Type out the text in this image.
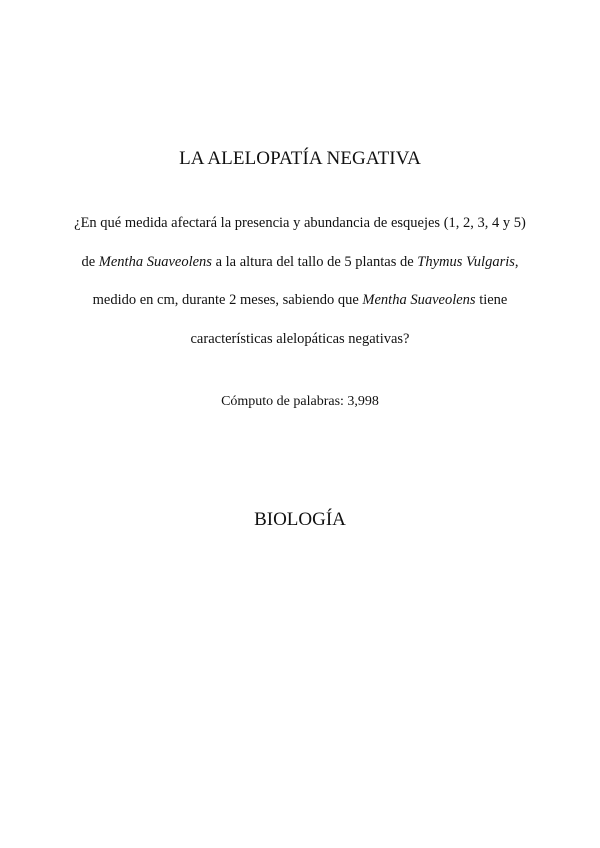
LA ALELOPATÍA NEGATIVA

¿En qué medida afectará la presencia y abundancia de esquejes (1, 2, 3, 4 y 5) de Mentha Suaveolens a la altura del tallo de 5 plantas de Thymus Vulgaris, medido en cm, durante 2 meses, sabiendo que Mentha Suaveolens tiene características alelopáticas negativas?

Cómputo de palabras: 3,998

BIOLOGÍA
